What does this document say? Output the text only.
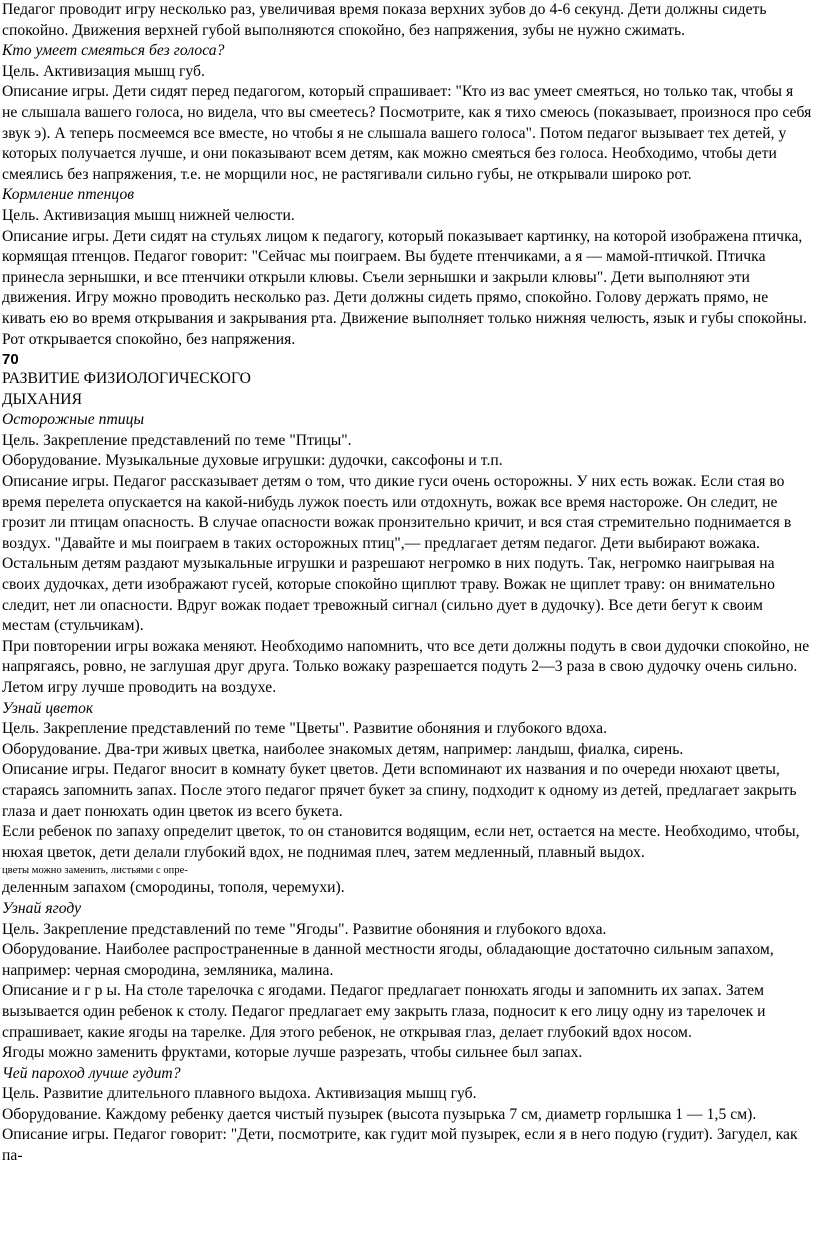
Педагог проводит игру несколько раз, увеличивая время показа верхних зубов до 4-6 секунд. Дети должны сидеть спокойно. Движения верхней губой выполняются спокойно, без напряжения, зубы не нужно сжимать.

Кто умеет смеяться без голоса?

Цель. Активизация мышц губ.

Описание игры. Дети сидят перед педагогом, который спрашивает: "Кто из вас умеет смеяться, но только так, чтобы я не слышала вашего голоса, но видела, что вы смеетесь? Посмотрите, как я тихо смеюсь (показывает, произнося про себя звук э). А теперь посмеемся все вместе, но чтобы я не слышала вашего голоса". Потом педагог вызывает тех детей, у которых получается лучше, и они показывают всем детям, как можно смеяться без голоса. Необходимо, чтобы дети смеялись без напряжения, т.е. не морщили нос, не растягивали сильно губы, не открывали широко рот.

Кормление птенцов

Цель. Активизация мышц нижней челюсти.

Описание игры. Дети сидят на стульях лицом к педагогу, который показывает картинку, на которой изображена птичка, кормящая птенцов. Педагог говорит: "Сейчас мы поиграем. Вы будете птенчиками, а я — мамой-птичкой. Птичка принесла зернышки, и все птенчики открыли клювы. Съели зернышки и закрыли клювы". Дети выполняют эти движения. Игру можно проводить несколько раз. Дети должны сидеть прямо, спокойно. Голову держать прямо, не кивать ею во время открывания и закрывания рта. Движение выполняет только нижняя челюсть, язык и губы спокойны. Рот открывается спокойно, без напряжения.

70

РАЗВИТИЕ ФИЗИОЛОГИЧЕСКОГО

ДЫХАНИЯ

Осторожные птицы

Цель. Закрепление представлений по теме "Птицы".

Оборудование. Музыкальные духовые игрушки: дудочки, саксофоны и т.п.

Описание игры. Педагог рассказывает детям о том, что дикие гуси очень осторожны. У них есть вожак. Если стая во время перелета опускается на какой-нибудь лужок поесть или отдохнуть, вожак все время настороже. Он следит, не грозит ли птицам опасность. В случае опасности вожак пронзительно кричит, и вся стая стремительно поднимается в воздух. "Давайте и мы поиграем в таких осторожных птиц",— предлагает детям педагог. Дети выбирают вожака. Остальным детям раздают музыкальные игрушки и разрешают негромко в них подуть. Так, негромко наигрывая на своих дудочках, дети изображают гусей, которые спокойно щиплют траву. Вожак не щиплет траву: он внимательно следит, нет ли опасности. Вдруг вожак подает тревожный сигнал (сильно дует в дудочку). Все дети бегут к своим местам (стульчикам).

При повторении игры вожака меняют. Необходимо напомнить, что все дети должны подуть в свои дудочки спокойно, не напрягаясь, ровно, не заглушая друг друга. Только вожаку разрешается подуть 2—3 раза в свою дудочку очень сильно. Летом игру лучше проводить на воздухе.

Узнай цветок

Цель. Закрепление представлений по теме "Цветы". Развитие обоняния и глубокого вдоха.

Оборудование. Два-три живых цветка, наиболее знакомых детям, например: ландыш, фиалка, сирень.

Описание игры. Педагог вносит в комнату букет цветов. Дети вспоминают их названия и по очереди нюхают цветы, стараясь запомнить запах. После этого педагог прячет букет за спину, подходит к одному из детей, предлагает закрыть глаза и дает понюхать один цветок из всего букета.

Если ребенок по запаху определит цветок, то он становится водящим, если нет, остается на месте. Необходимо, чтобы, нюхая цветок, дети делали глубокий вдох, не поднимая плеч, затем медленный, плавный выдох.

цветы можно заменить, листьями с опре-

деленным запахом (смородины, тополя, черемухи).

Узнай ягоду

Цель. Закрепление представлений по теме "Ягоды". Развитие обоняния и глубокого вдоха.

Оборудование. Наиболее распространенные в данной местности ягоды, обладающие достаточно сильным запахом, например: черная смородина, земляника, малина.

Описание и г р ы. На столе тарелочка с ягодами. Педагог предлагает понюхать ягоды и запомнить их запах. Затем вызывается один ребенок к столу. Педагог предлагает ему закрыть глаза, подносит к его лицу одну из тарелочек и спрашивает, какие ягоды на тарелке. Для этого ребенок, не открывая глаз, делает глубокий вдох носом.

Ягоды можно заменить фруктами, которые лучше разрезать, чтобы сильнее был запах.

Чей пароход лучше гудит?

Цель. Развитие длительного плавного выдоха. Активизация мышц губ.

Оборудование. Каждому ребенку дается чистый пузырек (высота пузырька 7 см, диаметр горлышка 1 — 1,5 см).

Описание игры. Педагог говорит: "Дети, посмотрите, как гудит мой пузырек, если я в него подую (гудит). Загудел, как па-
